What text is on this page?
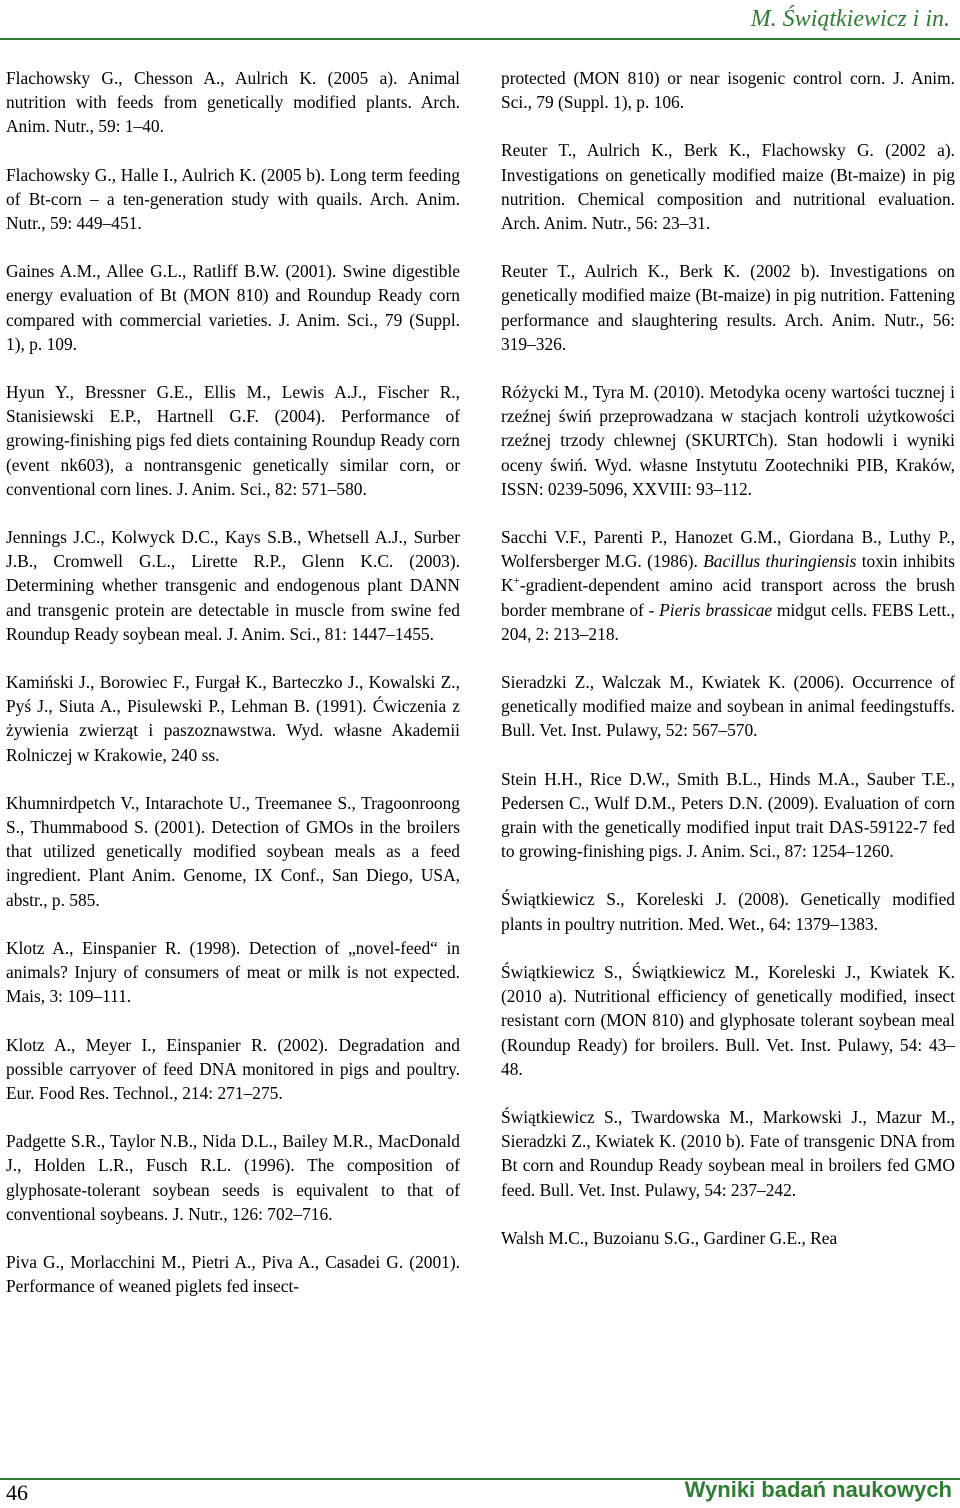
M. Świątkiewicz i in.

Flachowsky G., Chesson A., Aulrich K. (2005 a). Animal nutrition with feeds from genetically modified plants. Arch. Anim. Nutr., 59: 1–40.

Flachowsky G., Halle I., Aulrich K. (2005 b). Long term feeding of Bt-corn – a ten-generation study with quails. Arch. Anim. Nutr., 59: 449–451.

Gaines A.M., Allee G.L., Ratliff B.W. (2001). Swine digestible energy evaluation of Bt (MON 810) and Roundup Ready corn compared with commercial varieties. J. Anim. Sci., 79 (Suppl. 1), p. 109.

Hyun Y., Bressner G.E., Ellis M., Lewis A.J., Fischer R., Stanisiewski E.P., Hartnell G.F. (2004). Performance of growing-finishing pigs fed diets containing Roundup Ready corn (event nk603), a nontransgenic genetically similar corn, or conventional corn lines. J. Anim. Sci., 82: 571–580.

Jennings J.C., Kolwyck D.C., Kays S.B., Whetsell A.J., Surber J.B., Cromwell G.L., Lirette R.P., Glenn K.C. (2003). Determining whether transgenic and endogenous plant DANN and transgenic protein are detectable in muscle from swine fed Roundup Ready soybean meal. J. Anim. Sci., 81: 1447–1455.

Kamiński J., Borowiec F., Furgał K., Barteczko J., Kowalski Z., Pyś J., Siuta A., Pisulewski P., Lehman B. (1991). Ćwiczenia z żywienia zwierząt i paszoznawstwa. Wyd. własne Akademii Rolniczej w Krakowie, 240 ss.

Khumnirdpetch V., Intarachote U., Treemanee S., Tragoonroong S., Thummabood S. (2001). Detection of GMOs in the broilers that utilized genetically modified soybean meals as a feed ingredient. Plant Anim. Genome, IX Conf., San Diego, USA, abstr., p. 585.

Klotz A., Einspanier R. (1998). Detection of „novel-feed“ in animals? Injury of consumers of meat or milk is not expected. Mais, 3: 109–111.

Klotz A., Meyer I., Einspanier R. (2002). Degradation and possible carryover of feed DNA monitored in pigs and poultry. Eur. Food Res. Technol., 214: 271–275.

Padgette S.R., Taylor N.B., Nida D.L., Bailey M.R., MacDonald J., Holden L.R., Fusch R.L. (1996). The composition of glyphosate-tolerant soybean seeds is equivalent to that of conventional soybeans. J. Nutr., 126: 702–716.

Piva G., Morlacchini M., Pietri A., Piva A., Casadei G. (2001). Performance of weaned piglets fed insect-

protected (MON 810) or near isogenic control corn. J. Anim. Sci., 79 (Suppl. 1), p. 106.

Reuter T., Aulrich K., Berk K., Flachowsky G. (2002 a). Investigations on genetically modified maize (Bt-maize) in pig nutrition. Chemical composition and nutritional evaluation. Arch. Anim. Nutr., 56: 23–31.

Reuter T., Aulrich K., Berk K. (2002 b). Investigations on genetically modified maize (Bt-maize) in pig nutrition. Fattening performance and slaughtering results. Arch. Anim. Nutr., 56: 319–326.

Różycki M., Tyra M. (2010). Metodyka oceny wartości tucznej i rzeźnej świń przeprowadzana w stacjach kontroli użytkowości rzeźnej trzody chlewnej (SKURTCh). Stan hodowli i wyniki oceny świń. Wyd. własne Instytutu Zootechniki PIB, Kraków, ISSN: 0239-5096, XXVIII: 93–112.

Sacchi V.F., Parenti P., Hanozet G.M., Giordana B., Luthy P., Wolfersberger M.G. (1986). Bacillus thuringiensis toxin inhibits K+-gradient-dependent amino acid transport across the brush border membrane of - Pieris brassicae midgut cells. FEBS Lett., 204, 2: 213–218.

Sieradzki Z., Walczak M., Kwiatek K. (2006). Occurrence of genetically modified maize and soybean in animal feedingstuffs. Bull. Vet. Inst. Pulawy, 52: 567–570.

Stein H.H., Rice D.W., Smith B.L., Hinds M.A., Sauber T.E., Pedersen C., Wulf D.M., Peters D.N. (2009). Evaluation of corn grain with the genetically modified input trait DAS-59122-7 fed to growing-finishing pigs. J. Anim. Sci., 87: 1254–1260.

Świątkiewicz S., Koreleski J. (2008). Genetically modified plants in poultry nutrition. Med. Wet., 64: 1379–1383.

Świątkiewicz S., Świątkiewicz M., Koreleski J., Kwiatek K. (2010 a). Nutritional efficiency of genetically modified, insect resistant corn (MON 810) and glyphosate tolerant soybean meal (Roundup Ready) for broilers. Bull. Vet. Inst. Pulawy, 54: 43–48.

Świątkiewicz S., Twardowska M., Markowski J., Mazur M., Sieradzki Z., Kwiatek K. (2010 b). Fate of transgenic DNA from Bt corn and Roundup Ready soybean meal in broilers fed GMO feed. Bull. Vet. Inst. Pulawy, 54: 237–242.

Walsh M.C., Buzoianu S.G., Gardiner G.E., Rea

46	Wyniki badań naukowych
